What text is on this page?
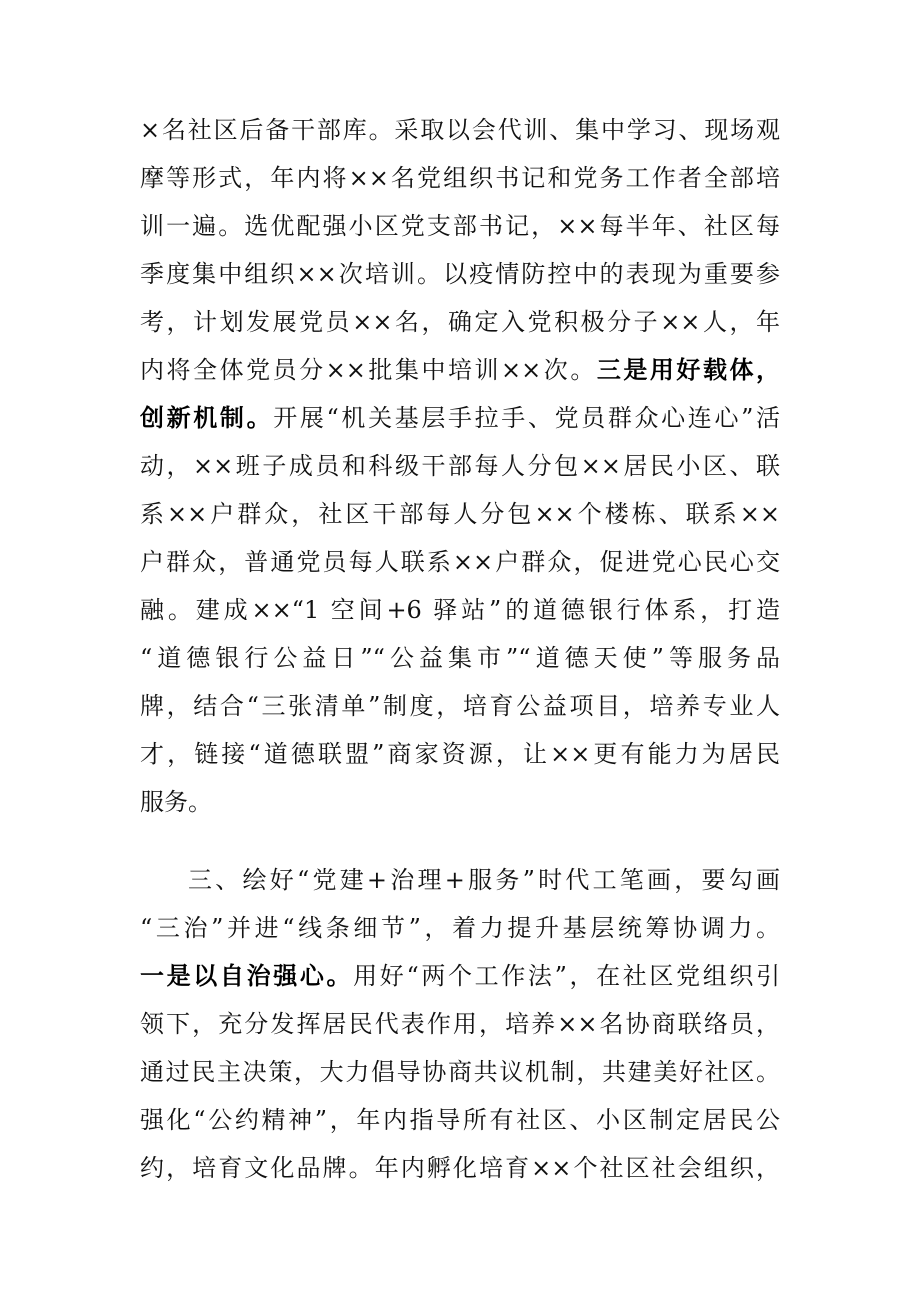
×名社区后备干部库。采取以会代训、集中学习、现场观
摩等形式，年内将××名党组织书记和党务工作者全部培
训一遍。选优配强小区党支部书记，××每半年、社区每
季度集中组织××次培训。以疫情防控中的表现为重要参
考，计划发展党员××名，确定入党积极分子××人，年
内将全体党员分××批集中培训××次。三是用好载体，
创新机制。开展“机关基层手拉手、党员群众心连心”活
动，××班子成员和科级干部每人分包××居民小区、联
系××户群众，社区干部每人分包××个楼栋、联系××
户群众，普通党员每人联系××户群众，促进党心民心交
融。建成××“1 空间+6 驿站”的道德银行体系，打造
“道德银行公益日”“公益集市”“道德天使”等服务品
牌，结合“三张清单”制度，培育公益项目，培养专业人
才，链接“道德联盟”商家资源，让××更有能力为居民
服务。
三、绘好“党建+治理+服务”时代工笔画，要勾画
“三治”并进“线条细节”，着力提升基层统筹协调力。
一是以自治强心。用好“两个工作法”，在社区党组织引
领下，充分发挥居民代表作用，培养××名协商联络员，
通过民主决策，大力倡导协商共议机制，共建美好社区。
强化“公约精神”，年内指导所有社区、小区制定居民公
约，培育文化品牌。年内孵化培育××个社区社会组织，
